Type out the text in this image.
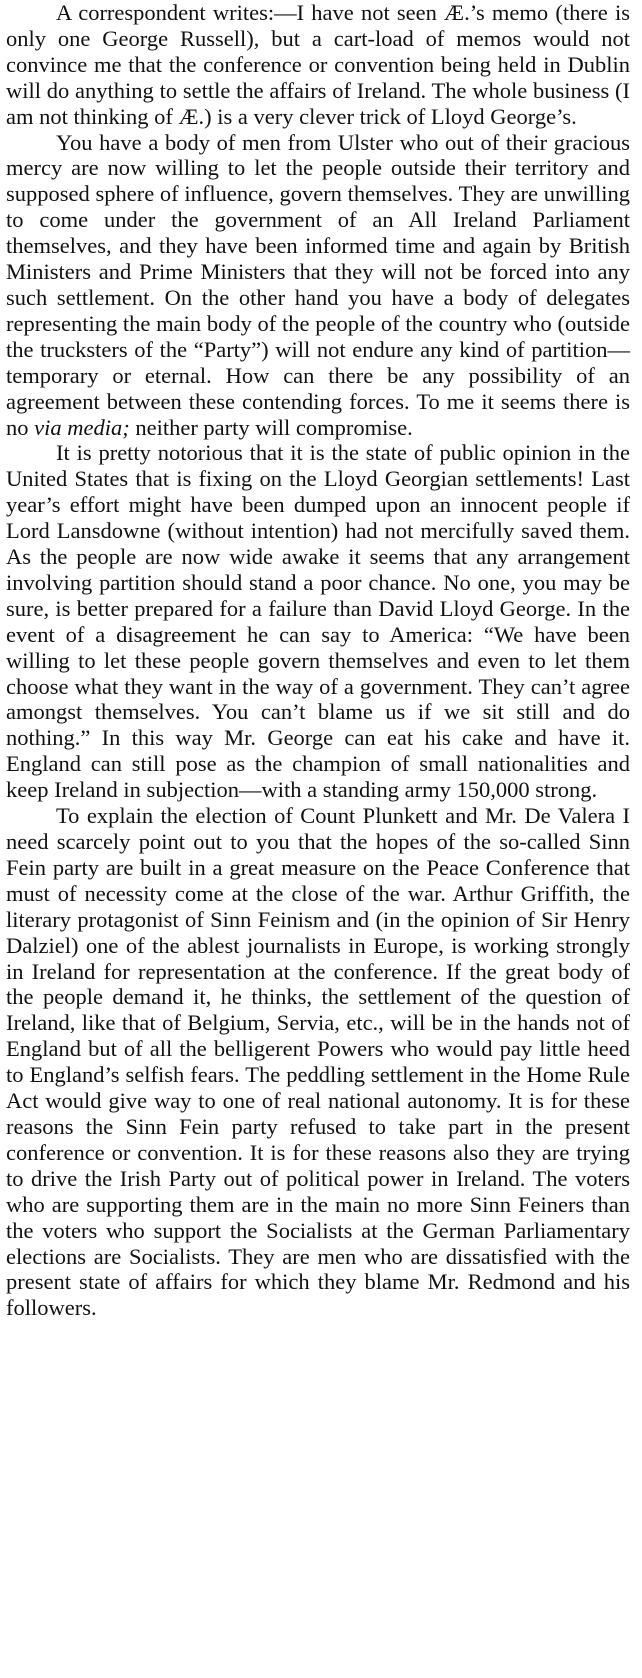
A correspondent writes:—I have not seen Æ.’s memo (there is only one George Russell), but a cart-load of memos would not convince me that the conference or convention being held in Dublin will do anything to settle the affairs of Ireland. The whole business (I am not thinking of Æ.) is a very clever trick of Lloyd George’s.

You have a body of men from Ulster who out of their gracious mercy are now willing to let the people outside their territory and supposed sphere of influence, govern themselves. They are unwilling to come under the government of an All Ireland Parliament themselves, and they have been informed time and again by British Ministers and Prime Ministers that they will not be forced into any such settlement. On the other hand you have a body of delegates representing the main body of the people of the country who (outside the trucksters of the “Party”) will not endure any kind of partition—temporary or eternal. How can there be any possibility of an agreement between these contending forces. To me it seems there is no via media; neither party will compromise.

It is pretty notorious that it is the state of public opinion in the United States that is fixing on the Lloyd Georgian settlements! Last year’s effort might have been dumped upon an innocent people if Lord Lansdowne (without intention) had not mercifully saved them. As the people are now wide awake it seems that any arrangement involving partition should stand a poor chance. No one, you may be sure, is better prepared for a failure than David Lloyd George. In the event of a disagreement he can say to America: “We have been willing to let these people govern themselves and even to let them choose what they want in the way of a government. They can’t agree amongst themselves. You can’t blame us if we sit still and do nothing.” In this way Mr. George can eat his cake and have it. England can still pose as the champion of small nationalities and keep Ireland in subjection—with a standing army 150,000 strong.

To explain the election of Count Plunkett and Mr. De Valera I need scarcely point out to you that the hopes of the so-called Sinn Fein party are built in a great measure on the Peace Conference that must of necessity come at the close of the war. Arthur Griffith, the literary protagonist of Sinn Feinism and (in the opinion of Sir Henry Dalziel) one of the ablest journalists in Europe, is working strongly in Ireland for representation at the conference. If the great body of the people demand it, he thinks, the settlement of the question of Ireland, like that of Belgium, Servia, etc., will be in the hands not of England but of all the belligerent Powers who would pay little heed to England’s selfish fears. The peddling settlement in the Home Rule Act would give way to one of real national autonomy. It is for these reasons the Sinn Fein party refused to take part in the present conference or convention. It is for these reasons also they are trying to drive the Irish Party out of political power in Ireland. The voters who are supporting them are in the main no more Sinn Feiners than the voters who support the Socialists at the German Parliamentary elections are Socialists. They are men who are dissatisfied with the present state of affairs for which they blame Mr. Redmond and his followers.
